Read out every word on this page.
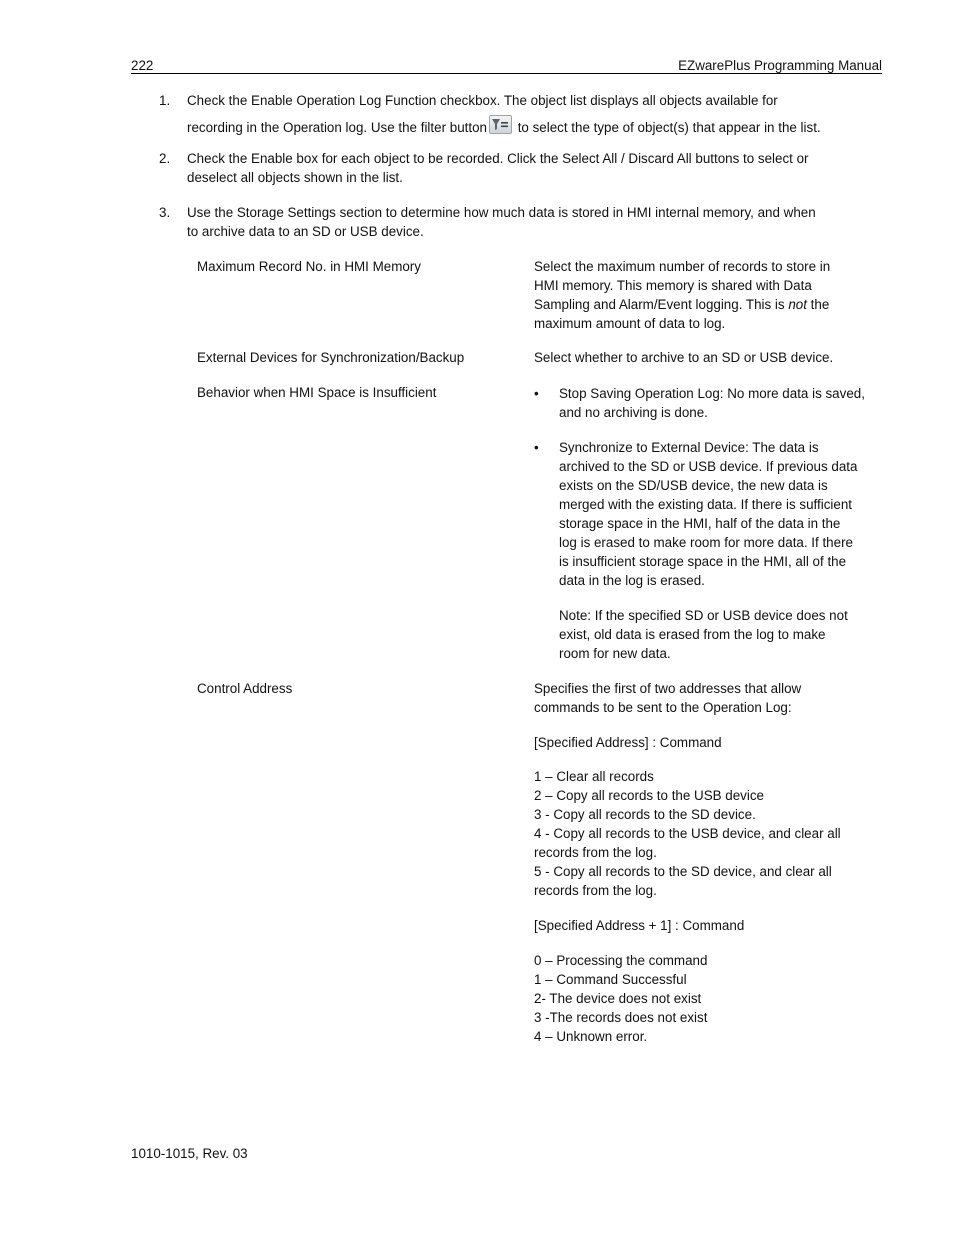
222	EZwarePlus Programming Manual
1. Check the Enable Operation Log Function checkbox. The object list displays all objects available for
recording in the Operation log. Use the filter button
to select the type of object(s) that appear in the list.
2. Check the Enable box for each object to be recorded. Click the Select All / Discard All buttons to select or
deselect all objects shown in the list.
3. Use the Storage Settings section to determine how much data is stored in HMI internal memory, and when
to archive data to an SD or USB device.
Maximum Record No. in HMI Memory	Select the maximum number of records to store in
HMI memory. This memory is shared with Data
Sampling and Alarm/Event logging. This is not the
maximum amount of data to log.
External Devices for Synchronization/Backup	Select whether to archive to an SD or USB device.
Behavior when HMI Space is Insufficient	• Stop Saving Operation Log: No more data is saved,
and no archiving is done.
• Synchronize to External Device: The data is
archived to the SD or USB device. If previous data
exists on the SD/USB device, the new data is
merged with the existing data. If there is sufficient
storage space in the HMI, half of the data in the
log is erased to make room for more data. If there
is insufficient storage space in the HMI, all of the
data in the log is erased.
Note: If the specified SD or USB device does not
exist, old data is erased from the log to make
room for new data.
Control Address	Specifies the first of two addresses that allow
commands to be sent to the Operation Log:
[Specified Address] : Command
1 – Clear all records
2 – Copy all records to the USB device
3 - Copy all records to the SD device.
4 - Copy all records to the USB device, and clear all
records from the log.
5 - Copy all records to the SD device, and clear all
records from the log.
[Specified Address + 1] : Command
0 – Processing the command
1 – Command Successful
2- The device does not exist
3 -The records does not exist
4 – Unknown error.
1010-1015, Rev. 03
